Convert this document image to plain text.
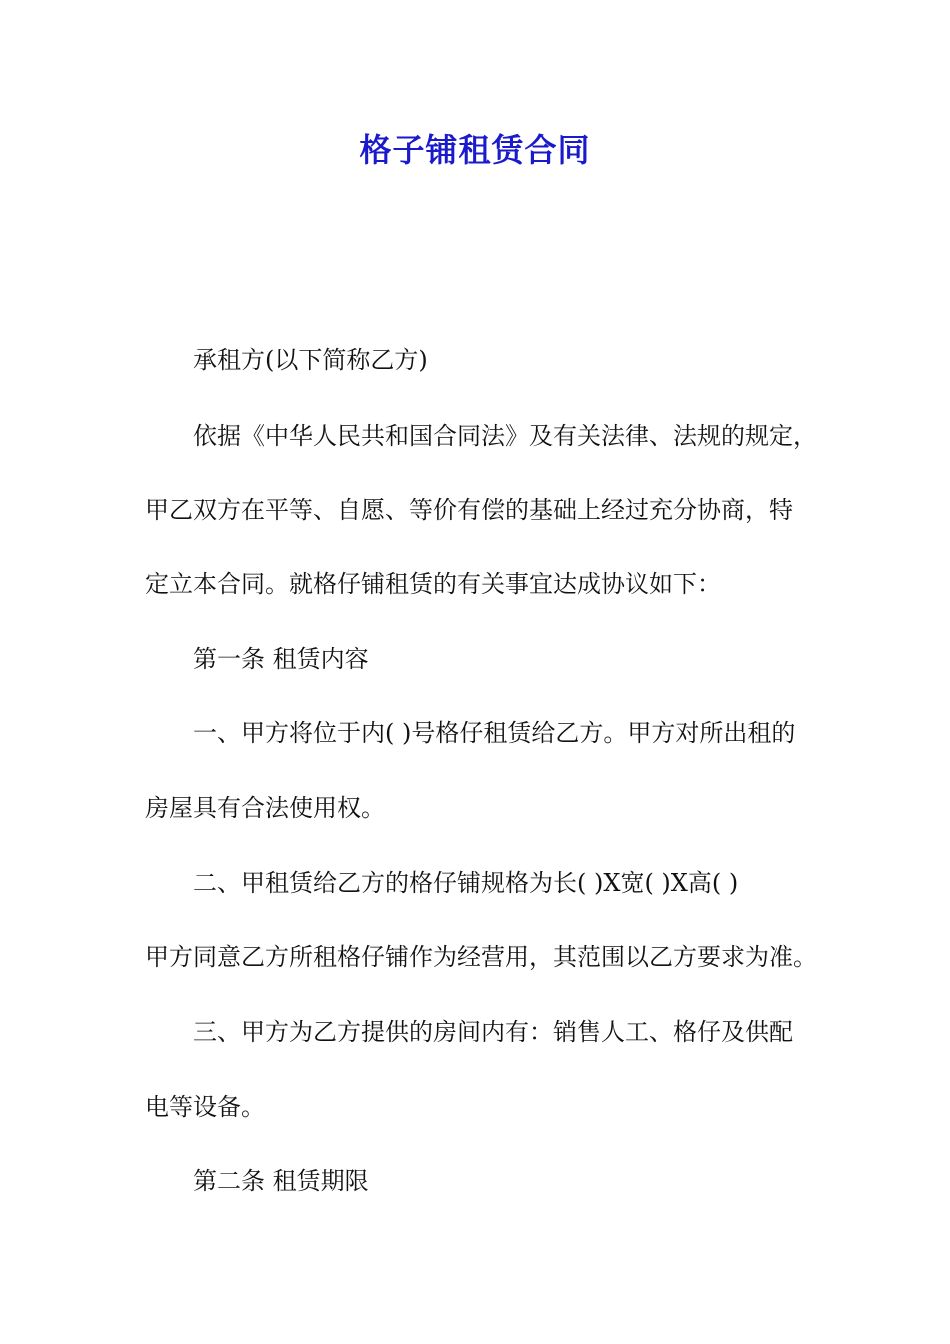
格子铺租赁合同
承租方(以下简称乙方)
依据《中华人民共和国合同法》及有关法律、法规的规定，
甲乙双方在平等、自愿、等价有偿的基础上经过充分协商，特
定立本合同。就格仔铺租赁的有关事宜达成协议如下：
第一条 租赁内容
一、甲方将位于内( )号格仔租赁给乙方。甲方对所出租的
房屋具有合法使用权。
二、甲租赁给乙方的格仔铺规格为长( )X宽( )X高( )
甲方同意乙方所租格仔铺作为经营用，其范围以乙方要求为准。
三、甲方为乙方提供的房间内有：销售人工、格仔及供配
电等设备。
第二条 租赁期限
